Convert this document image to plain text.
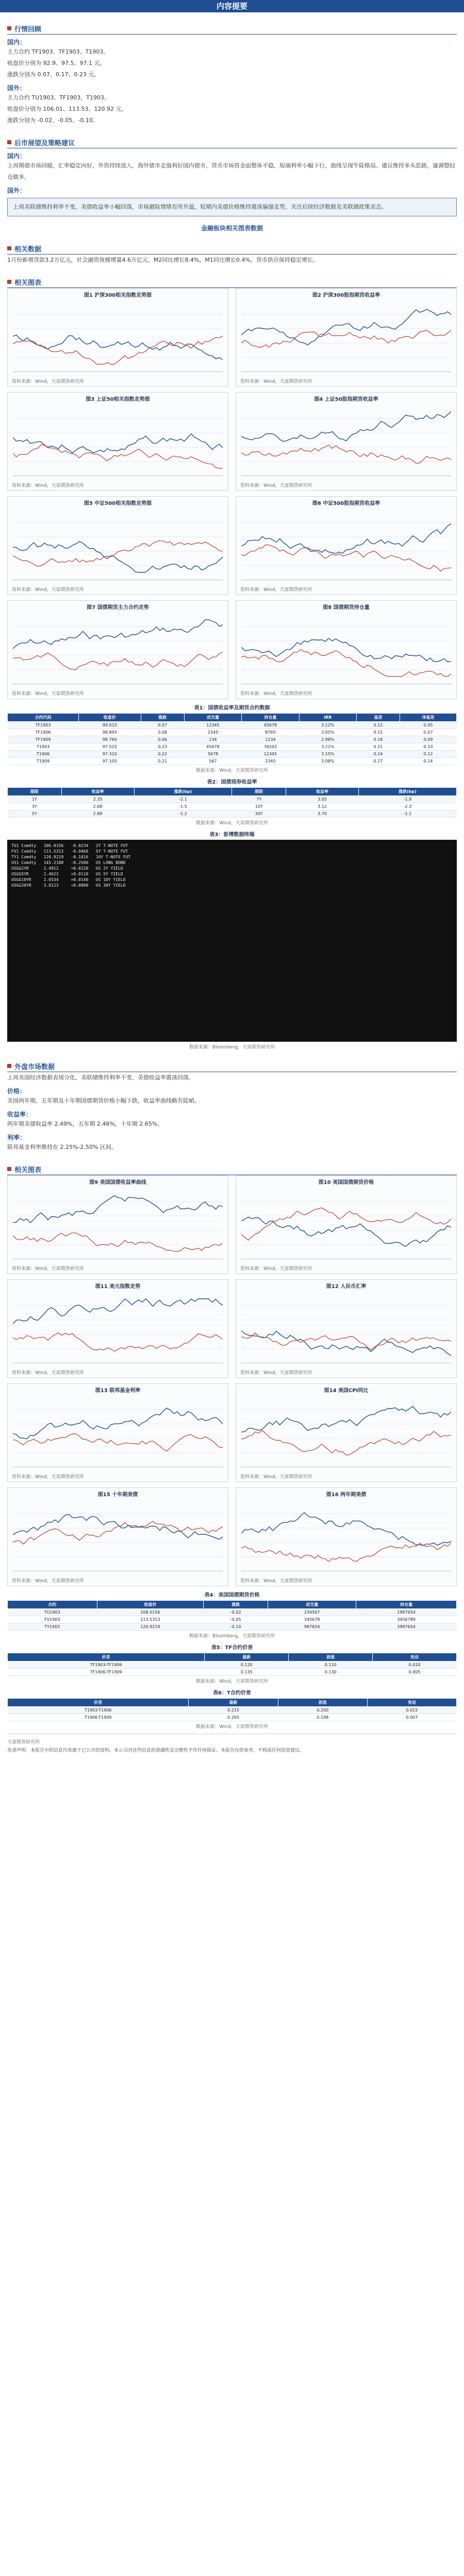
内容提要
行情回顾
国内：
主力合约 TF1903、TF1903、T1903。
收盘价分别为 92.9、97.5、97.1 元。
涨跌分别为 0.07、0.17、0.23 元。
国外：
主力合约 TU1903、TF1903、T1903。
收盘价分别为 106.01、113.53、120.92 元。
涨跌分别为 -0.02、-0.05、-0.10。
后市展望及策略建议
国内：
上周期债市场回暖，汇率稳定向好，外资持续流入，海外债市走强利好国内债市，货币市场资金面整体平稳，短端利率小幅下行，曲线呈现牛陡格局。建议维持多头思路，逢调整轻仓做多。
国外：
上周美联储维持利率不变，美债收益率小幅回落，市场避险情绪有所升温，短期内美债价格维持震荡偏强走势，关注后续经济数据及美联储政策表态。
金融板块相关图表数据
相关数据
1月份新增贷款3.2万亿元，社会融资规模增量4.6万亿元，M2同比增长8.4%，M1同比增长0.4%，货币供应保持稳定增长。
相关图表
图1 沪深300相关指数走势图
资料来源：Wind，天富期货研究所
图2 沪深300股指期货收益率
资料来源：Wind，天富期货研究所
图3 上证50相关指数走势图
资料来源：Wind，天富期货研究所
图4 上证50股指期货收益率
资料来源：Wind，天富期货研究所
图5 中证500相关指数走势图
资料来源：Wind，天富期货研究所
图6 中证500股指期货收益率
资料来源：Wind，天富期货研究所
图7 国债期货主力合约走势
资料来源：Wind，天富期货研究所
图8 国债期货持仓量
资料来源：Wind，天富期货研究所
表1：国债收益率及期货合约数据
合约代码	收盘价	涨跌	成交量	持仓量	IRR	基差	净基差
TF1903	99.015	0.07	12345	45678	3.12%	0.12	0.05
TF1906	98.895	0.08	2345	8765	3.05%	0.15	0.07
TF1909	98.760	0.06	234	1234	2.98%	0.18	0.09
T1903	97.525	0.23	45678	76543	3.21%	0.21	0.10
T1906	97.310	0.22	5678	12345	3.15%	0.24	0.12
T1909	97.105	0.21	567	2345	3.08%	0.27	0.14
数据来源：Wind，天富期货研究所
表2：国债现券收益率
期限	收益率	涨跌(bp)	期限	收益率	涨跌(bp)
1Y	2.35	-2.1	7Y	3.05	-1.8
3Y	2.68	-1.5	10Y	3.12	-2.3
5Y	2.89	-1.2	30Y	3.70	-1.1
数据来源：Wind，天富期货研究所
表3：彭博数据终端
TU1 Comdty   106.0156   -0.0234   2Y T-NOTE FUT
FV1 Comdty   113.5313   -0.0469   5Y T-NOTE FUT
TY1 Comdty   120.9219   -0.1016   10Y T-NOTE FUT
US1 Comdty   145.2188   -0.2500   US LONG BOND
USGG2YR      2.4912     +0.0120   US 2Y YIELD
USGG5YR      2.4623     +0.0110   US 5Y YIELD
USGG10YR     2.6534     +0.0140   US 10Y YIELD
USGG30YR     3.0123     +0.0090   US 30Y YIELD
数据来源：Bloomberg，天富期货研究所
外盘市场数据
上周美国经济数据表现分化，美联储维持利率不变，美债收益率震荡回落。
价格：
美国两年期、五年期及十年期国债期货价格小幅下跌，收益率曲线略有陡峭。
收益率：
两年期美债收益率 2.49%，五年期 2.46%，十年期 2.65%。
利率：
联邦基金利率维持在 2.25%-2.50% 区间。
相关图表
图9 美国国债收益率曲线
资料来源：Wind，天富期货研究所
图10 美国国债期货价格
资料来源：Wind，天富期货研究所
图11 美元指数走势
资料来源：Wind，天富期货研究所
图12 人民币汇率
资料来源：Wind，天富期货研究所
图13 联邦基金利率
资料来源：Wind，天富期货研究所
图14 美国CPI同比
资料来源：Wind，天富期货研究所
图15 十年期美债
资料来源：Wind，天富期货研究所
图16 两年期美债
资料来源：Wind，天富期货研究所
表4：美国国债期货价格
合约	收盘价	涨跌	成交量	持仓量
TU1903	106.0156	-0.02	234567	1987654
FV1903	113.5313	-0.05	345678	3456789
TY1903	120.9219	-0.10	987654	3987654
数据来源：Bloomberg，天富期货研究所
表5：TF合约价差
价差	最新	前值	变动
TF1903-TF1906	0.120	0.110	0.010
TF1906-TF1909	0.135	0.130	0.005
数据来源：Wind，天富期货研究所
表6：T合约价差
价差	最新	前值	变动
T1903-T1906	0.215	0.200	0.015
T1906-T1909	0.205	0.198	0.007
数据来源：Wind，天富期货研究所
天富期货研究所
免责声明：本报告中的信息均来源于已公开的资料，本公司对这些信息的准确性及完整性不作任何保证。本报告仅供参考，不构成任何投资建议。
